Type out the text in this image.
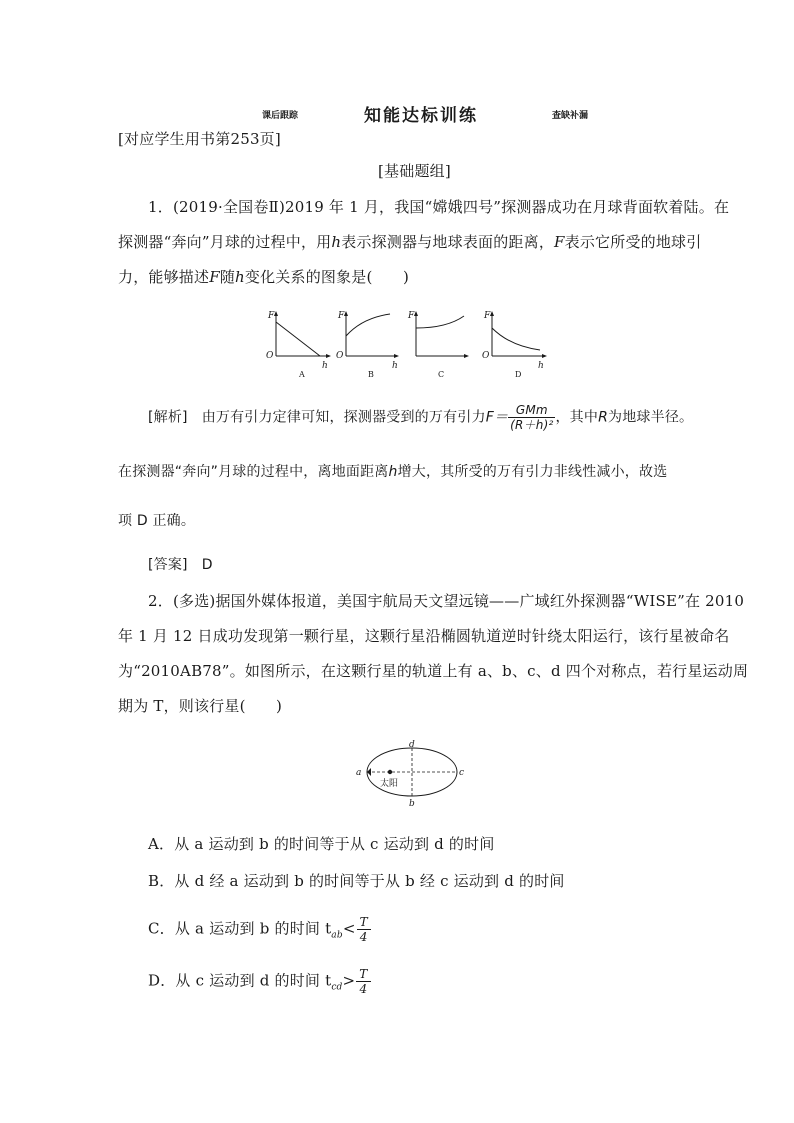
课后跟踪	知能达标训练	查缺补漏
[对应学生用书第253页]
[基础题组]
1．(2019·全国卷Ⅱ)2019 年 1 月，我国“嫦娥四号”探测器成功在月球背面软着陆。在
探测器“奔向”月球的过程中，用h表示探测器与地球表面的距离，F表示它所受的地球引
力，能够描述F随h变化关系的图象是(　　)
F
O
h
A
F
O
h
B
F
C
F
O
h
D
[解析] 由万有引力定律可知，探测器受到的万有引力$F= \frac{\text{GMm}}{\text{(R＋h)²}}$ ，其中R为地球半径。
在探测器“奔向”月球的过程中，离地面距离h增大，其所受的万有引力非线性减小，故选
项 D 正确。
[答案] D
2．(多选)据国外媒体报道，美国宇航局天文望远镜——广域红外探测器“WISE”在 2010
年 1 月 12 日成功发现第一颗行星，这颗行星沿椭圆轨道逆时针绕太阳运行，该行星被命名
为“2010AB78”。如图所示，在这颗行星的轨道上有 a、b、c、d 四个对称点，若行星运动周
期为 T，则该行星(　　)
a
d
c
b
太阳
A．从 a 运动到 b 的时间等于从 c 运动到 d 的时间
B．从 d 经 a 运动到 b 的时间等于从 b 经 c 运动到 d 的时间
C．从 a 运动到 b 的时间 $t_{ab}< \frac{T}{4}$
D．从 c 运动到 d 的时间 $t_{cd}> \frac{T}{4}$
